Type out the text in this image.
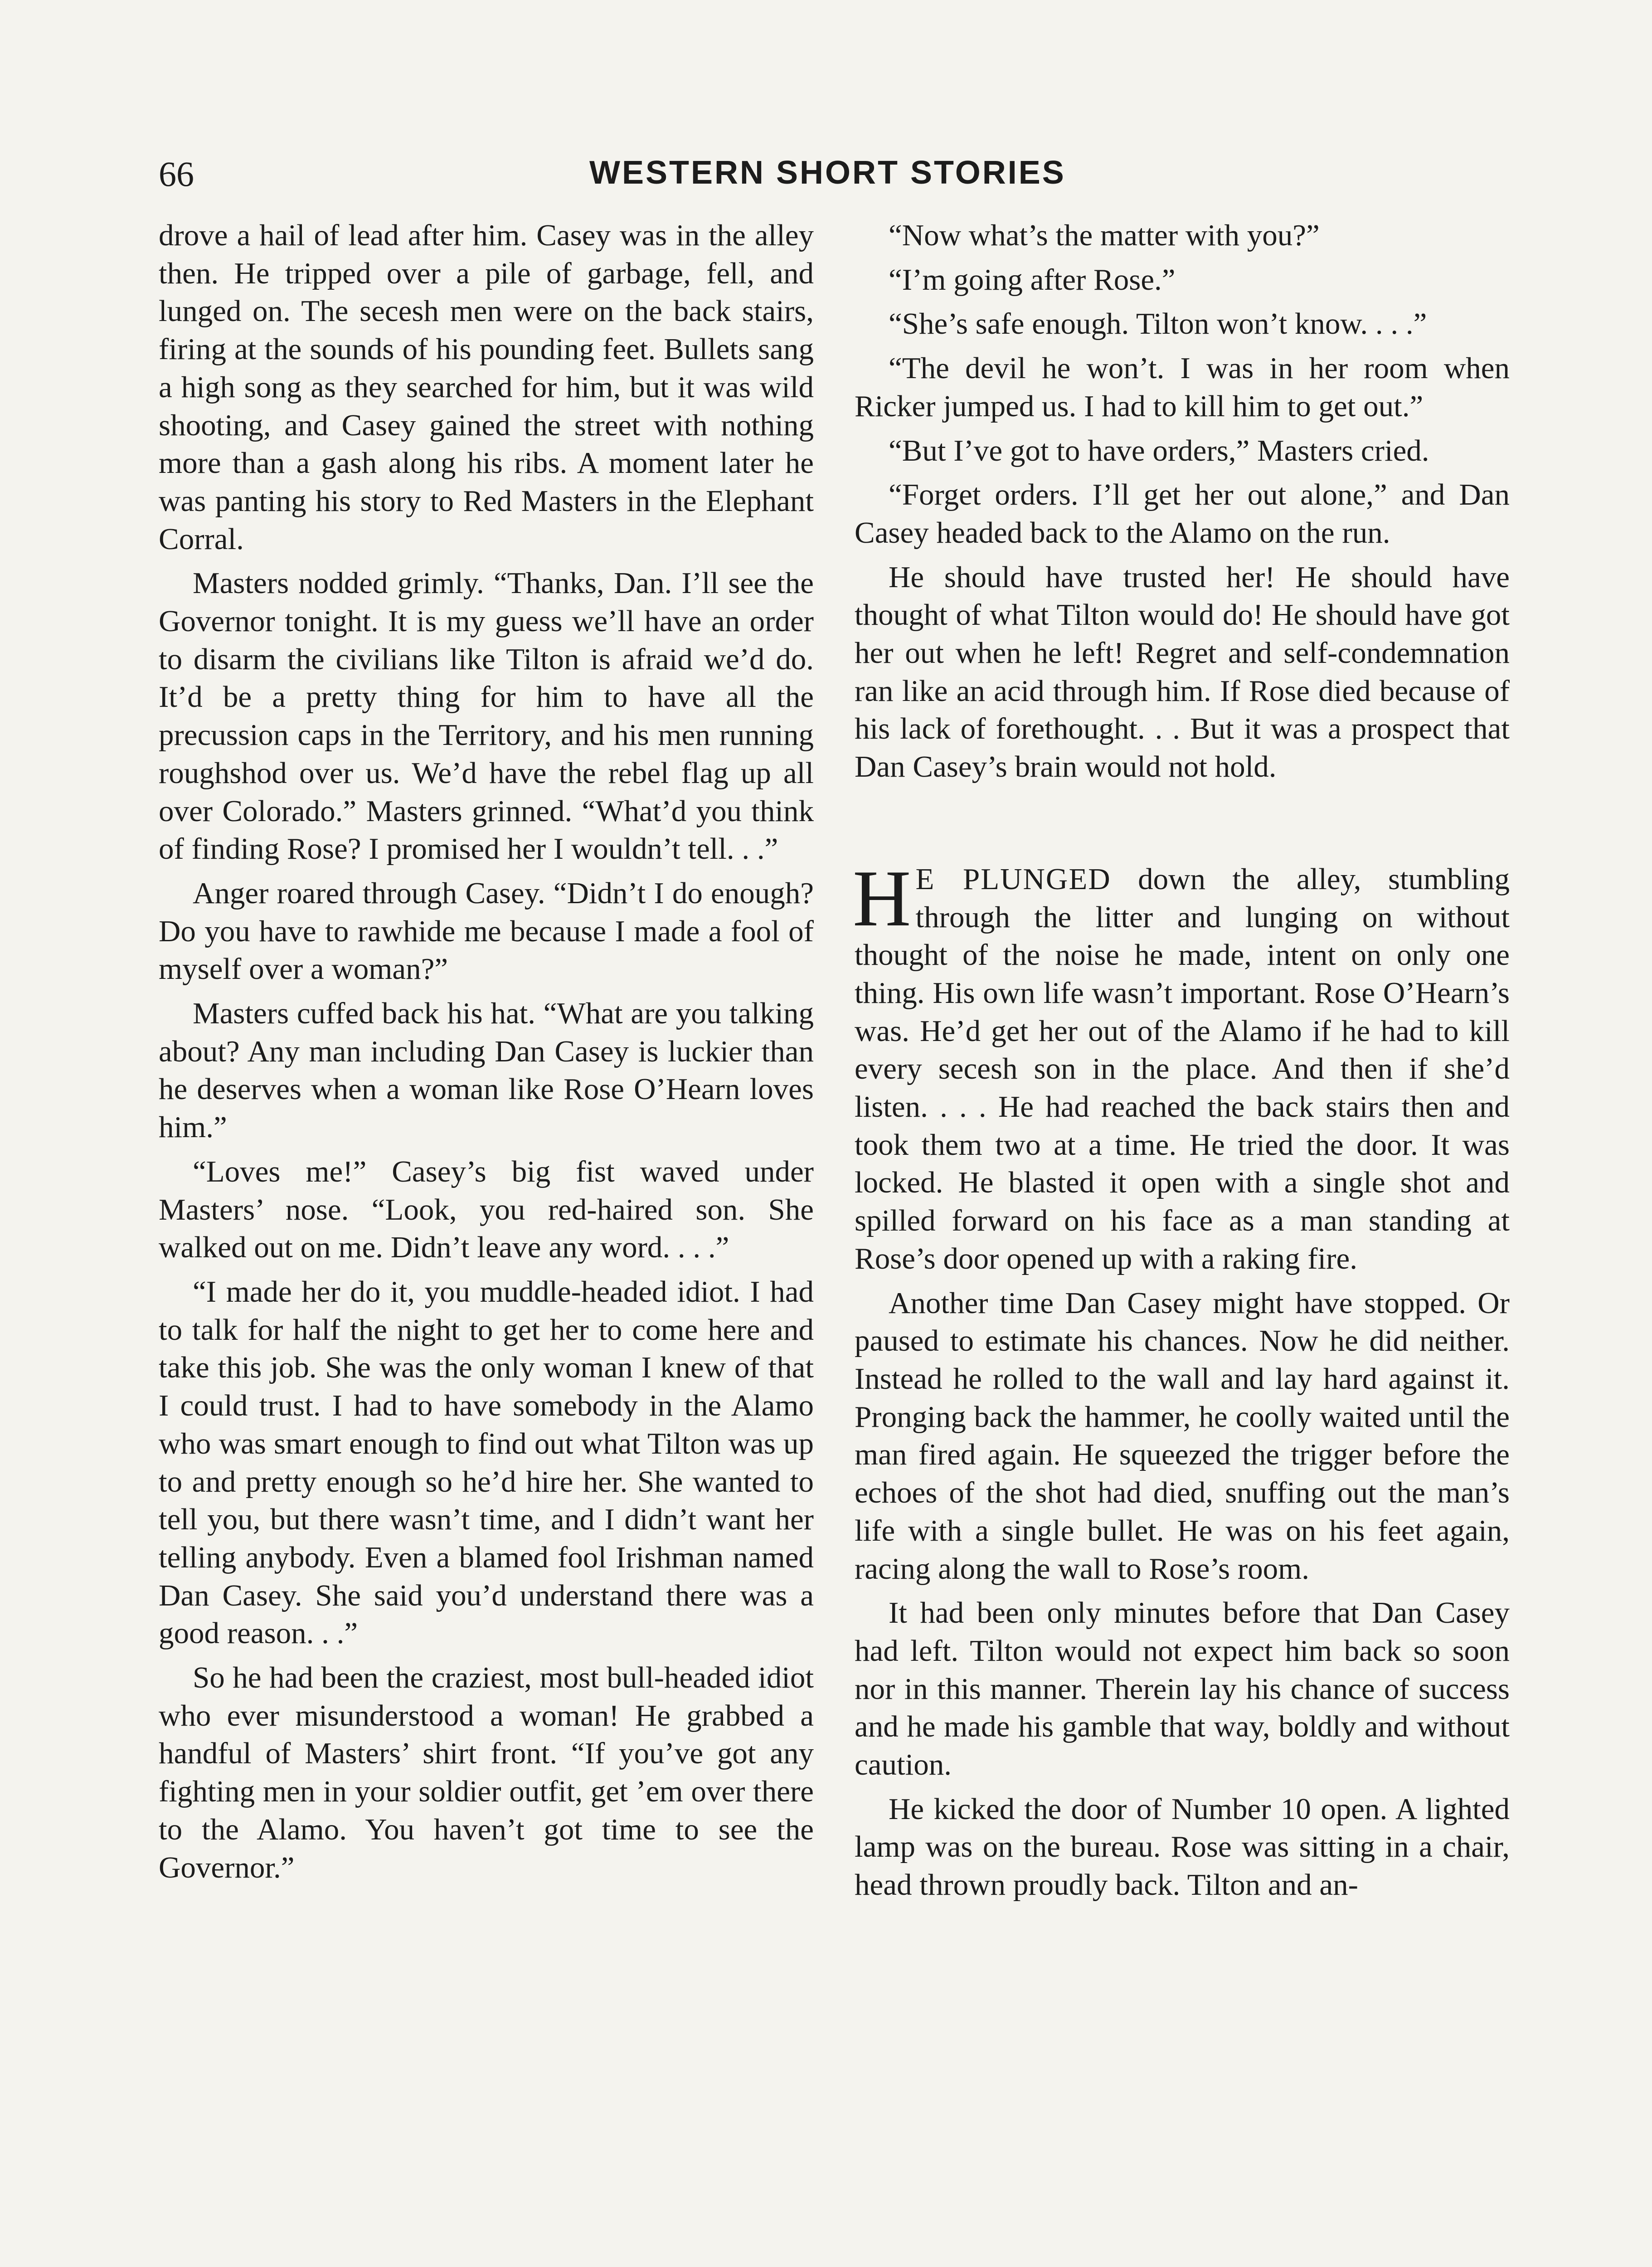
66	WESTERN SHORT STORIES

drove a hail of lead after him. Casey was in the alley then. He tripped over a pile of garbage, fell, and lunged on. The secesh men were on the back stairs, firing at the sounds of his pounding feet. Bullets sang a high song as they searched for him, but it was wild shooting, and Casey gained the street with nothing more than a gash along his ribs. A moment later he was panting his story to Red Masters in the Elephant Corral.

Masters nodded grimly. “Thanks, Dan. I’ll see the Governor tonight. It is my guess we’ll have an order to disarm the civilians like Tilton is afraid we’d do. It’d be a pretty thing for him to have all the precussion caps in the Territory, and his men running roughshod over us. We’d have the rebel flag up all over Colorado.” Masters grinned. “What’d you think of finding Rose? I promised her I wouldn’t tell. . .”

Anger roared through Casey. “Didn’t I do enough? Do you have to rawhide me because I made a fool of myself over a woman?”

Masters cuffed back his hat. “What are you talking about? Any man including Dan Casey is luckier than he deserves when a woman like Rose O’Hearn loves him.”

“Loves me!” Casey’s big fist waved under Masters’ nose. “Look, you red-haired son. She walked out on me. Didn’t leave any word. . . .”

“I made her do it, you muddle-headed idiot. I had to talk for half the night to get her to come here and take this job. She was the only woman I knew of that I could trust. I had to have somebody in the Alamo who was smart enough to find out what Tilton was up to and pretty enough so he’d hire her. She wanted to tell you, but there wasn’t time, and I didn’t want her telling anybody. Even a blamed fool Irishman named Dan Casey. She said you’d understand there was a good reason. . .”

So he had been the craziest, most bull-headed idiot who ever misunderstood a woman! He grabbed a handful of Masters’ shirt front. “If you’ve got any fighting men in your soldier outfit, get ’em over there to the Alamo. You haven’t got time to see the Governor.”

“Now what’s the matter with you?”

“I’m going after Rose.”

“She’s safe enough. Tilton won’t know. . . .”

“The devil he won’t. I was in her room when Ricker jumped us. I had to kill him to get out.”

“But I’ve got to have orders,” Masters cried.

“Forget orders. I’ll get her out alone,” and Dan Casey headed back to the Alamo on the run.

He should have trusted her! He should have thought of what Tilton would do! He should have got her out when he left! Regret and self-condemnation ran like an acid through him. If Rose died because of his lack of forethought. . . But it was a prospect that Dan Casey’s brain would not hold.

H E PLUNGED down the alley, stumbling through the litter and lunging on without thought of the noise he made, intent on only one thing. His own life wasn’t important. Rose O’Hearn’s was. He’d get her out of the Alamo if he had to kill every secesh son in the place. And then if she’d listen. . . . He had reached the back stairs then and took them two at a time. He tried the door. It was locked. He blasted it open with a single shot and spilled forward on his face as a man standing at Rose’s door opened up with a raking fire.

Another time Dan Casey might have stopped. Or paused to estimate his chances. Now he did neither. Instead he rolled to the wall and lay hard against it. Pronging back the hammer, he coolly waited until the man fired again. He squeezed the trigger before the echoes of the shot had died, snuffing out the man’s life with a single bullet. He was on his feet again, racing along the wall to Rose’s room.

It had been only minutes before that Dan Casey had left. Tilton would not expect him back so soon nor in this manner. Therein lay his chance of success and he made his gamble that way, boldly and without caution.

He kicked the door of Number 10 open. A lighted lamp was on the bureau. Rose was sitting in a chair, head thrown proudly back. Tilton and an-
